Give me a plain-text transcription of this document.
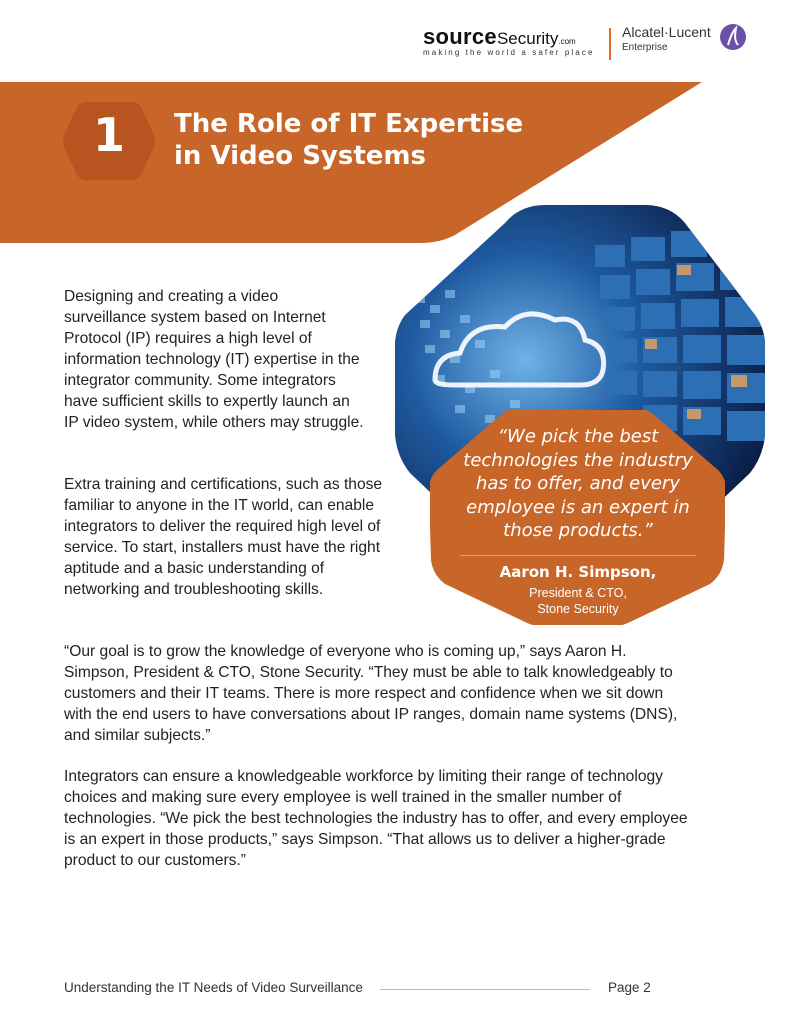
sourceSecurity.com
making the world a safer place
Alcatel·Lucent
Enterprise
1	The Role of IT Expertise
in Video Systems
“We pick the best technologies the industry has to offer, and every employee is an expert in those products.”
Aaron H. Simpson,
President & CTO,
Stone Security

Designing and creating a video surveillance system based on Internet Protocol (IP) requires a high level of information technology (IT) expertise in the integrator community. Some integrators have sufficient skills to expertly launch an IP video system, while others may struggle.

Extra training and certifications, such as those familiar to anyone in the IT world, can enable integrators to deliver the required high level of service. To start, installers must have the right aptitude and a basic understanding of networking and troubleshooting skills.

“Our goal is to grow the knowledge of everyone who is coming up,” says Aaron H. Simpson, President & CTO, Stone Security. “They must be able to talk knowledgeably to customers and their IT teams. There is more respect and confidence when we sit down with the end users to have conversations about IP ranges, domain name systems (DNS), and similar subjects.”

Integrators can ensure a knowledgeable workforce by limiting their range of technology choices and making sure every employee is well trained in the smaller number of technologies. “We pick the best technologies the industry has to offer, and every employee is an expert in those products,” says Simpson. “That allows us to deliver a higher-grade product to our customers.”

Understanding the IT Needs of Video Surveillance	Page 2
